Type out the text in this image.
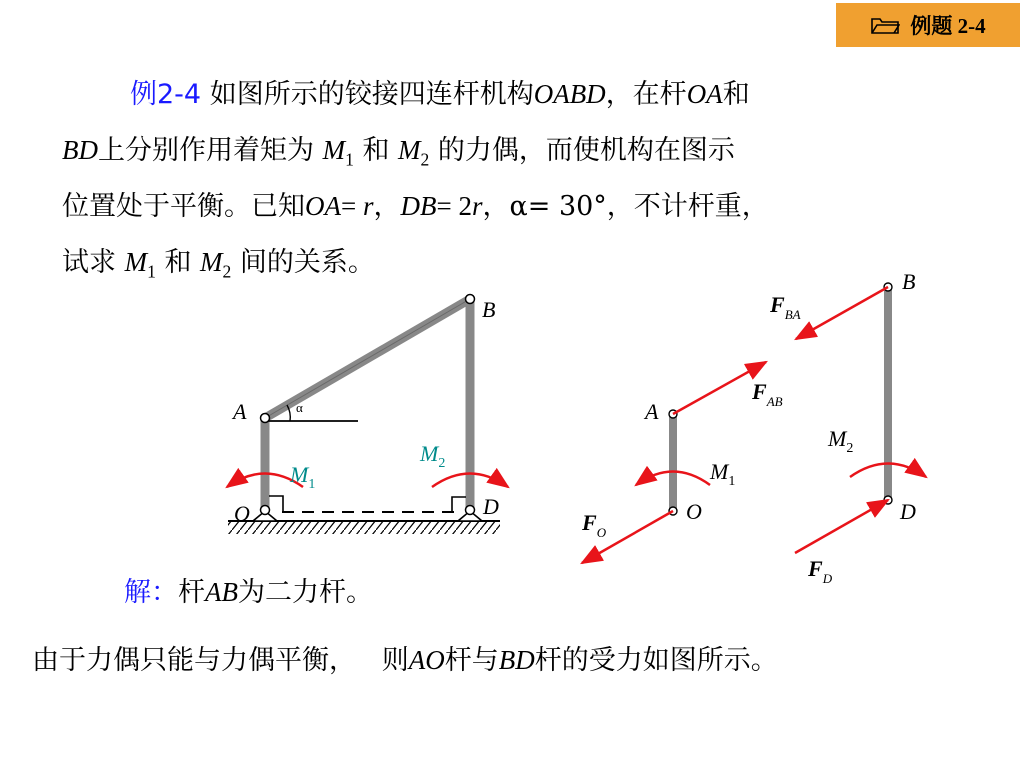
例题 2-4
例2-4 如图所示的铰接四连杆机构OABD，在杆OA和
BD上分别作用着矩为 $M_1$ 和 $M_2$ 的力偶，而使机构在图示
位置处于平衡。已知OA= r，DB= 2r，α= 30°，不计杆重，
试求 $M_1$ 和 $M_2$ 间的关系。
α
B
A
O	D
$M_1$
$M_2$
B
A
O	D
$F_{BA}$
$F_{AB}$
$F_O$
$F_D$
$M_1$
$M_2$
解：杆AB为二力杆。
由于力偶只能与力偶平衡，   则AO杆与BD杆的受力如图所示。
